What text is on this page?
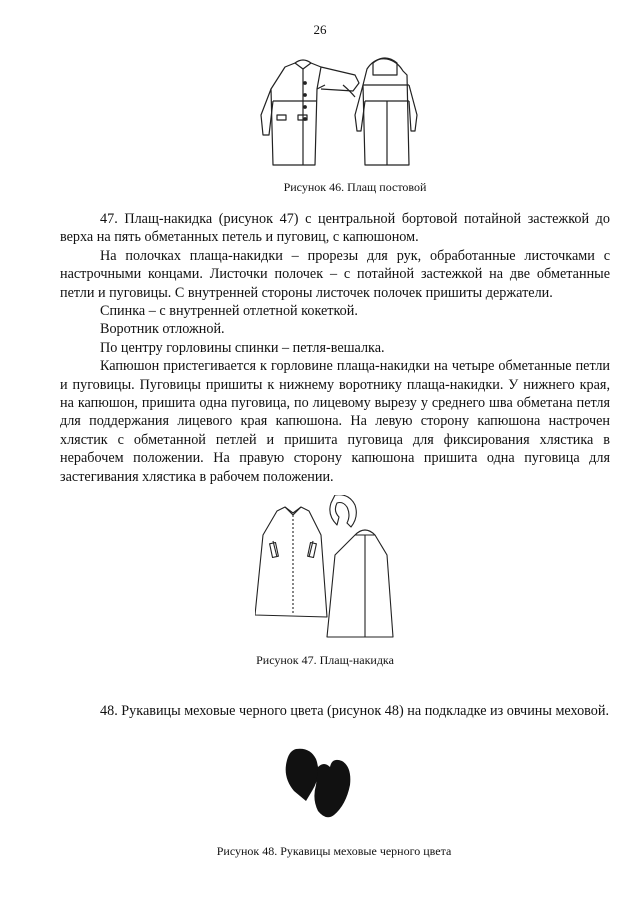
26
Рисунок 46. Плащ постовой

47. Плащ-накидка (рисунок 47) с центральной бортовой потайной застежкой до верха на пять обметанных петель и пуговиц, с капюшоном.

На полочках плаща-накидки – прорезы для рук, обработанные листочками с настрочными концами. Листочки полочек – с потайной застежкой на две обметанные петли и пуговицы. С внутренней стороны листочек полочек пришиты держатели.

Спинка – с внутренней отлетной кокеткой.

Воротник отложной.

По центру горловины спинки – петля-вешалка.

Капюшон пристегивается к горловине плаща-накидки на четыре обметанные петли и пуговицы. Пуговицы пришиты к нижнему воротнику плаща-накидки. У нижнего края, на капюшон, пришита одна пуговица, по лицевому вырезу у среднего шва обметана петля для поддержания лицевого края капюшона. На левую сторону капюшона настрочен хлястик с обметанной петлей и пришита пуговица для фиксирования хлястика в нерабочем положении. На правую сторону капюшона пришита одна пуговица для застегивания хлястика в рабочем положении.

Рисунок 47. Плащ-накидка

48. Рукавицы меховые черного цвета (рисунок 48) на подкладке из овчины меховой.

Рисунок 48. Рукавицы меховые черного цвета
